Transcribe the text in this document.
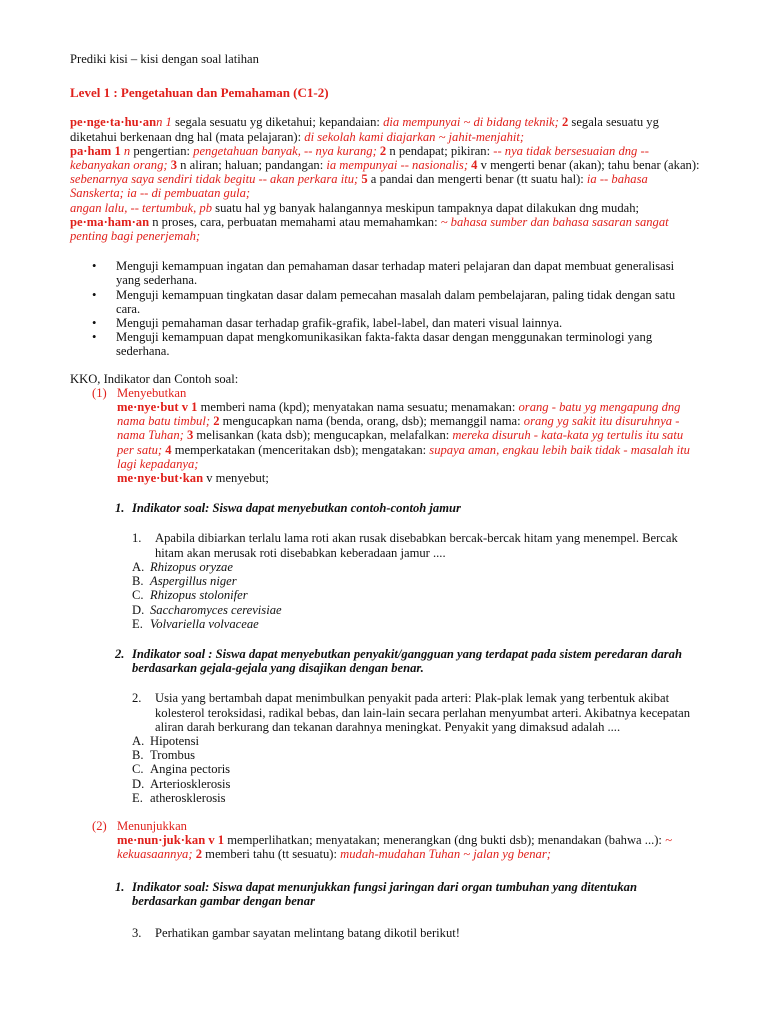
Prediki kisi – kisi dengan soal latihan

Level 1 : Pengetahuan dan Pemahaman (C1-2)

pe·nge·ta·hu·ann 1 segala sesuatu yg diketahui; kepandaian: dia mempunyai ~ di bidang teknik; 2 segala sesuatu yg diketahui berkenaan dng hal (mata pelajaran): di sekolah kami diajarkan ~ jahit-menjahit;

pa·ham 1 n pengertian: pengetahuan banyak, -- nya kurang; 2 n pendapat; pikiran: -- nya tidak bersesuaian dng -- kebanyakan orang; 3 n aliran; haluan; pandangan: ia mempunyai -- nasionalis; 4 v mengerti benar (akan); tahu benar (akan): sebenarnya saya sendiri tidak begitu -- akan perkara itu; 5 a pandai dan mengerti benar (tt suatu hal): ia -- bahasa Sanskerta; ia -- di pembuatan gula;
angan lalu, -- tertumbuk, pb suatu hal yg banyak halangannya meskipun tampaknya dapat dilakukan dng mudah;
pe·ma·ham·an n proses, cara, perbuatan memahami atau memahamkan: ~ bahasa sumber dan bahasa sasaran sangat penting bagi penerjemah;

• Menguji kemampuan ingatan dan pemahaman dasar terhadap materi pelajaran dan dapat membuat generalisasi yang sederhana.
• Menguji kemampuan tingkatan dasar dalam pemecahan masalah dalam pembelajaran, paling tidak dengan satu cara.
• Menguji pemahaman dasar terhadap grafik-grafik, label-label, dan materi visual lainnya.
• Menguji kemampuan dapat mengkomunikasikan fakta-fakta dasar dengan menggunakan terminologi yang sederhana.

KKO, Indikator dan Contoh soal:

(1) Menyebutkan

me·nye·but v 1 memberi nama (kpd); menyatakan nama sesuatu; menamakan: orang - batu yg mengapung dng nama batu timbul; 2 mengucapkan nama (benda, orang, dsb); memanggil nama: orang yg sakit itu disuruhnya - nama Tuhan; 3 melisankan (kata dsb); mengucapkan, melafalkan: mereka disuruh - kata-kata yg tertulis itu satu per satu; 4 memperkatakan (menceritakan dsb); mengatakan: supaya aman, engkau lebih baik tidak - masalah itu lagi kepadanya;
me·nye·but·kan v menyebut;

1. Indikator soal: Siswa dapat menyebutkan contoh-contoh jamur

1. Apabila dibiarkan terlalu lama roti akan rusak disebabkan bercak-bercak hitam yang menempel. Bercak hitam akan merusak roti disebabkan keberadaan jamur ....

A. Rhizopus oryzae
B. Aspergillus niger
C. Rhizopus stolonifer
D. Saccharomyces cerevisiae
E. Volvariella volvaceae

2. Indikator soal : Siswa dapat menyebutkan penyakit/gangguan yang terdapat pada sistem peredaran darah berdasarkan gejala-gejala yang disajikan dengan benar.

2. Usia yang bertambah dapat menimbulkan penyakit pada arteri: Plak-plak lemak yang terbentuk akibat kolesterol teroksidasi, radikal bebas, dan lain-lain secara perlahan menyumbat arteri. Akibatnya kecepatan aliran darah berkurang dan tekanan darahnya meningkat. Penyakit yang dimaksud adalah ....

A. Hipotensi
B. Trombus
C. Angina pectoris
D. Arteriosklerosis
E. atherosklerosis

(2) Menunjukkan

me·nun·juk·kan v 1 memperlihatkan; menyatakan; menerangkan (dng bukti dsb); menandakan (bahwa ...): ~ kekuasaannya; 2 memberi tahu (tt sesuatu): mudah-mudahan Tuhan ~ jalan yg benar;

1. Indikator soal: Siswa dapat menunjukkan fungsi jaringan dari organ tumbuhan yang ditentukan berdasarkan gambar dengan benar

3. Perhatikan gambar sayatan melintang batang dikotil berikut!
